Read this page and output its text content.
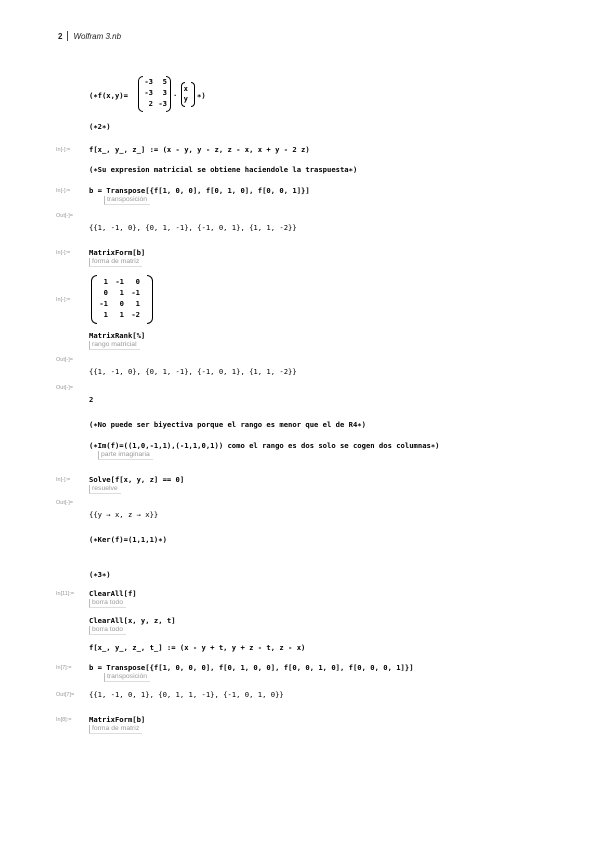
2 Wolfram 3.nb
(∗f(x,y)=
-3	5
-3	3
2 -3
·
x
y ∗)
(∗2∗)
In[-]:=	f[x_, y_, z_] := (x - y, y - z, z - x, x + y - 2 z)
(∗Su expresion matricial se obtiene haciendole la traspuesta∗)
In[-]:=	b = Transpose[{f[1, 0, 0], f[0, 1, 0], f[0, 0, 1]}]
transposición
Out[-]=
{{1, -1, 0}, {0, 1, -1}, {-1, 0, 1}, {1, 1, -2}}
In[-]:=	MatrixForm[b]
forma de matriz
In[-]:=
1	-1	0
0	1	-1
-1	0	1
1	1	-2
MatrixRank[%]
rango matricial
Out[-]=
{{1, -1, 0}, {0, 1, -1}, {-1, 0, 1}, {1, 1, -2}}
Out[-]=
2
(∗No puede ser biyectiva porque el rango es menor que el de R4∗)
(∗Im(f)=((1,0,-1,1),(-1,1,0,1)) como el rango es dos solo se cogen dos columnas∗)
parte imaginaria
In[-]:=	Solve[f[x, y, z] == 0]
resuelve
Out[-]=
{{y → x, z → x}}
(∗Ker(f)=(1,1,1)∗)
(∗3∗)
In[11]:=	ClearAll[f]
borra todo
ClearAll[x, y, z, t]
borra todo
f[x_, y_, z_, t_] := (x - y + t, y + z - t, z - x)
In[7]:=	b = Transpose[{f[1, 0, 0, 0], f[0, 1, 0, 0], f[0, 0, 1, 0], f[0, 0, 0, 1]}]
transposición
Out[7]=	{{1, -1, 0, 1}, {0, 1, 1, -1}, {-1, 0, 1, 0}}
In[8]:=	MatrixForm[b]
forma de matriz
